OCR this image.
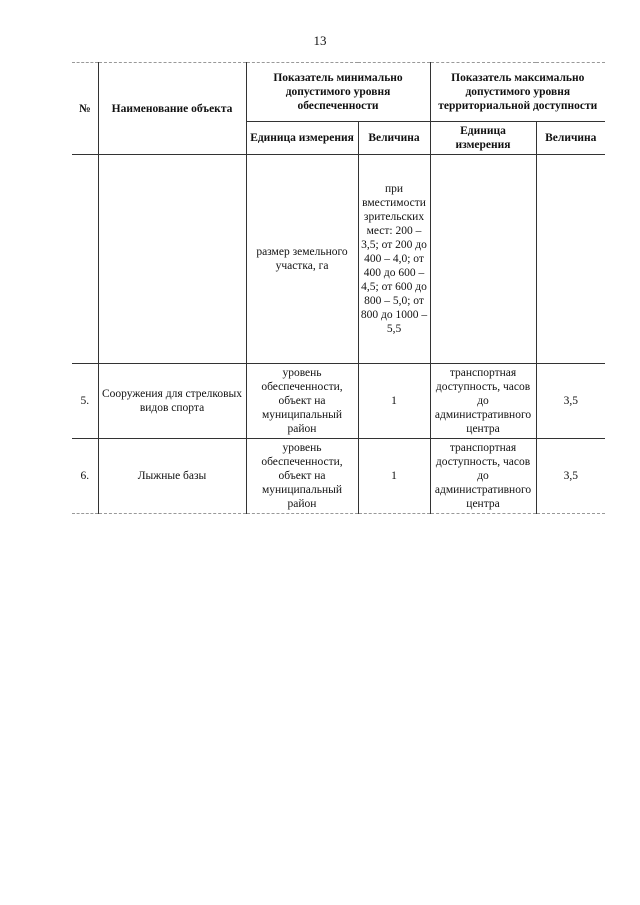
13
№	Наименование объекта	Показатель минимально допустимого уровня обеспеченности		Показатель максимально допустимого уровня территориальной доступности	
		Единица измерения	Величина	Единица измерения	Величина
		размер земельного участка, га	при вместимости зрительских мест: 200 – 3,5; от 200 до 400 – 4,0; от 400 до 600 – 4,5; от 600 до 800 – 5,0; от 800 до 1000 – 5,5		
5.	Сооружения для стрелковых видов спорта	уровень обеспеченности, объект на муниципальный район	1	транспортная доступность, часов до административного центра	3,5
6.	Лыжные базы	уровень обеспеченности, объект на муниципальный район	1	транспортная доступность, часов до административного центра	3,5
